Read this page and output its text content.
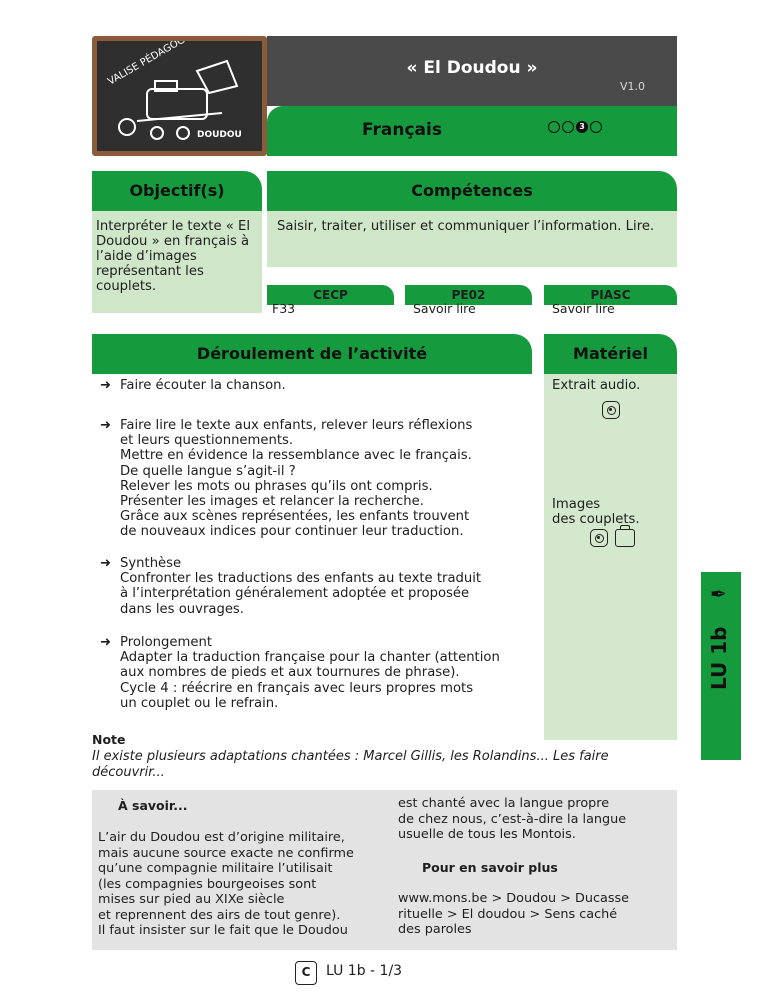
VALISE PÉDAGOGIQUE
DOUDOU
« El Doudou »
V1.0
Français	3
Objectif(s)
Interpréter le texte « El Doudou » en français à l’aide d’images représentant les couplets.
Compétences
Saisir, traiter, utiliser et communiquer l’information. Lire.
CECP	PE02	PIASC
F33	Savoir lire	Savoir lire
Déroulement de l’activité	Matériel
➜ Faire écouter la chanson.
➜ Faire lire le texte aux enfants, relever leurs réflexions
et leurs questionnements.
Mettre en évidence la ressemblance avec le français.
De quelle langue s’agit-il ?
Relever les mots ou phrases qu’ils ont compris.
Présenter les images et relancer la recherche.
Grâce aux scènes représentées, les enfants trouvent
de nouveaux indices pour continuer leur traduction.
➜ Synthèse
Confronter les traductions des enfants au texte traduit
à l’interprétation généralement adoptée et proposée
dans les ouvrages.
➜ Prolongement
Adapter la traduction française pour la chanter (attention
aux nombres de pieds et aux tournures de phrase).
Cycle 4 : réécrire en français avec leurs propres mots
un couplet ou le refrain.
Extrait audio.
Images
des couplets.
✒
LU 1b
Note
Il existe plusieurs adaptations chantées : Marcel Gillis, les Rolandins... Les faire découvrir...
À savoir...
L’air du Doudou est d’origine militaire,
mais aucune source exacte ne confirme
qu’une compagnie militaire l’utilisait
(les compagnies bourgeoises sont
mises sur pied au XIXe siècle
et reprennent des airs de tout genre).
Il faut insister sur le fait que le Doudou
est chanté avec la langue propre
de chez nous, c’est-à-dire la langue
usuelle de tous les Montois.
Pour en savoir plus
www.mons.be > Doudou > Ducasse
rituelle > El doudou > Sens caché
des paroles
C	LU 1b - 1/3
